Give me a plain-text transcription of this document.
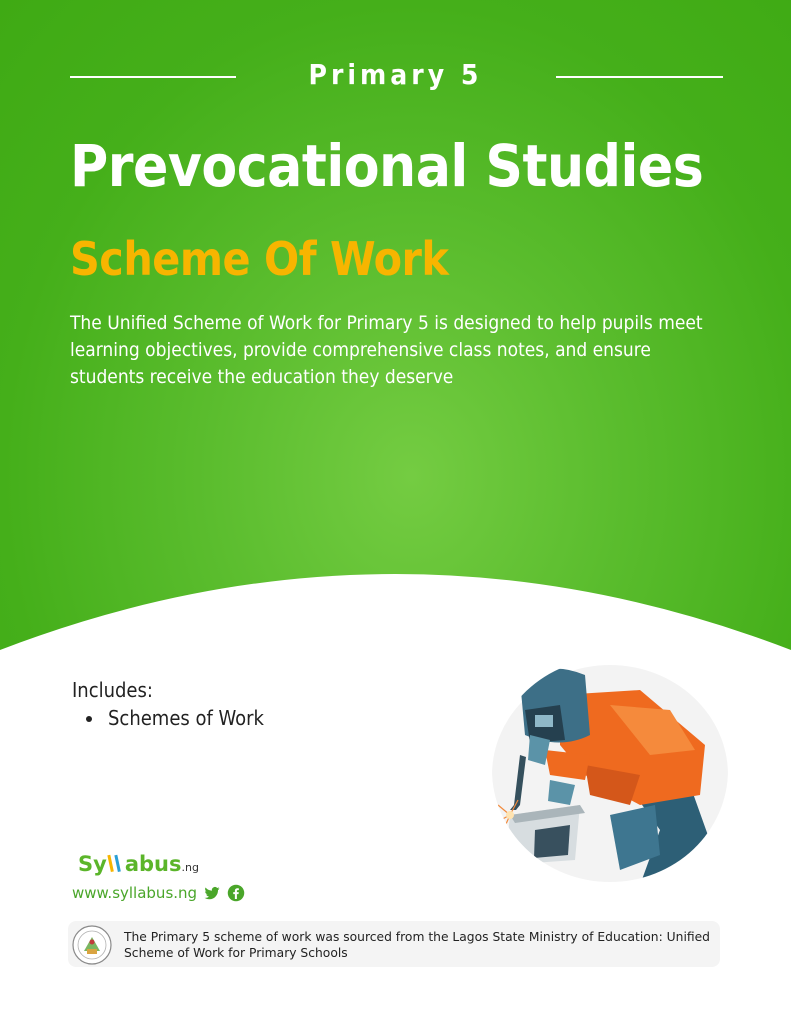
Primary 5
Prevocational Studies
Scheme Of Work
The Unified Scheme of Work for Primary 5 is designed to help pupils meet learning objectives, provide comprehensive class notes, and ensure students receive the education they deserve
Includes:
Schemes of Work
Sy abus.ng
www.syllabus.ng
The Primary 5 scheme of work was sourced from the Lagos State Ministry of Education: Unified Scheme of Work for Primary Schools
